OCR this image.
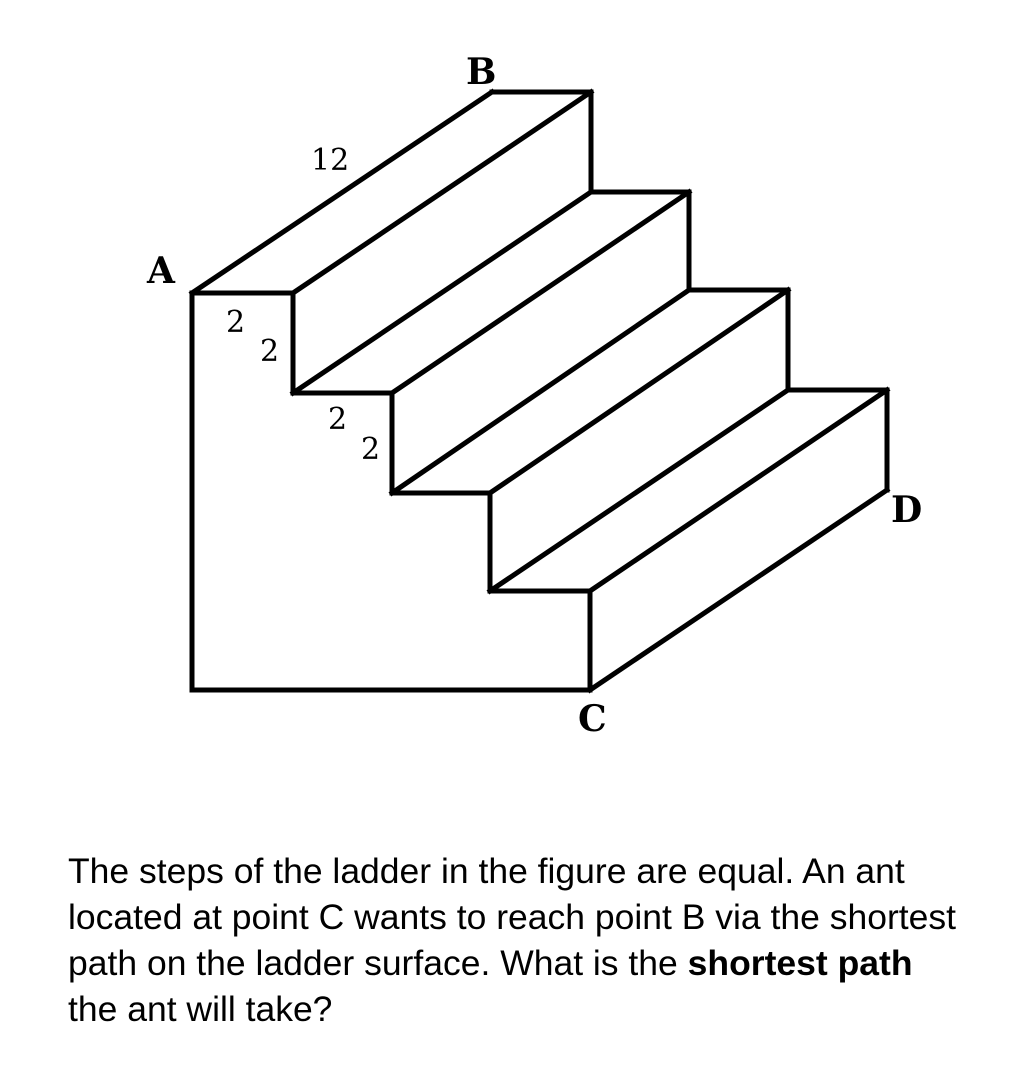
A
B
C
D
12
2
2
2
2
The steps of the ladder in the figure are equal. An ant located at point C wants to reach point B via the shortest path on the ladder surface. What is the shortest path the ant will take?
